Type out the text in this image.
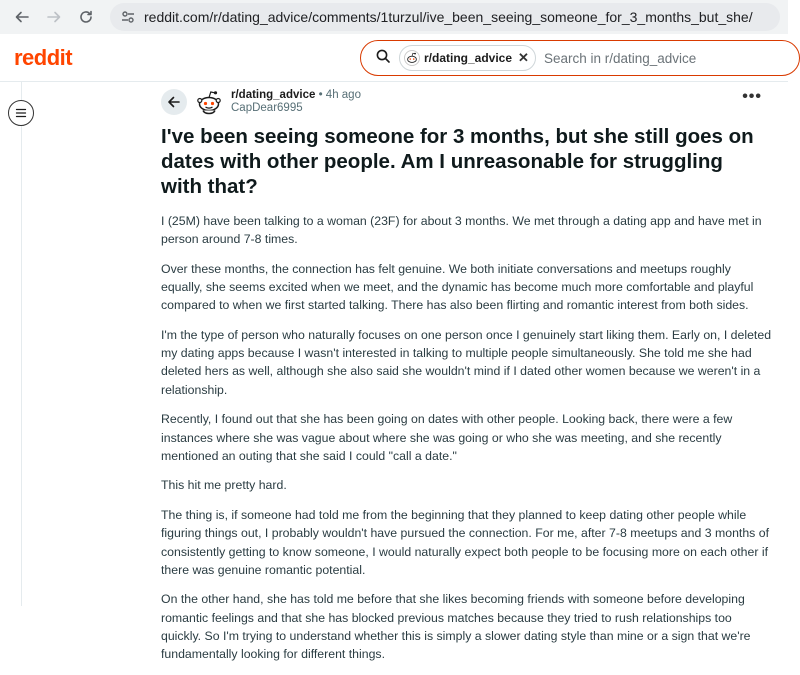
reddit.com/r/dating_advice/comments/1turzul/ive_been_seeing_someone_for_3_months_but_she/
reddit	r/dating_advice ✕ Search in r/dating_advice
r/dating_advice • 4h ago
CapDear6995
•••
I've been seeing someone for 3 months, but she still goes on dates with other people. Am I unreasonable for struggling with that?

I (25M) have been talking to a woman (23F) for about 3 months. We met through a dating app and have met in person around 7-8 times.

Over these months, the connection has felt genuine. We both initiate conversations and meetups roughly equally, she seems excited when we meet, and the dynamic has become much more comfortable and playful compared to when we first started talking. There has also been flirting and romantic interest from both sides.

I'm the type of person who naturally focuses on one person once I genuinely start liking them. Early on, I deleted my dating apps because I wasn't interested in talking to multiple people simultaneously. She told me she had deleted hers as well, although she also said she wouldn't mind if I dated other women because we weren't in a relationship.

Recently, I found out that she has been going on dates with other people. Looking back, there were a few instances where she was vague about where she was going or who she was meeting, and she recently mentioned an outing that she said I could "call a date."

This hit me pretty hard.

The thing is, if someone had told me from the beginning that they planned to keep dating other people while figuring things out, I probably wouldn't have pursued the connection. For me, after 7-8 meetups and 3 months of consistently getting to know someone, I would naturally expect both people to be focusing more on each other if there was genuine romantic potential.

On the other hand, she has told me before that she likes becoming friends with someone before developing romantic feelings and that she has blocked previous matches because they tried to rush relationships too quickly. So I'm trying to understand whether this is simply a slower dating style than mine or a sign that we're fundamentally looking for different things.
